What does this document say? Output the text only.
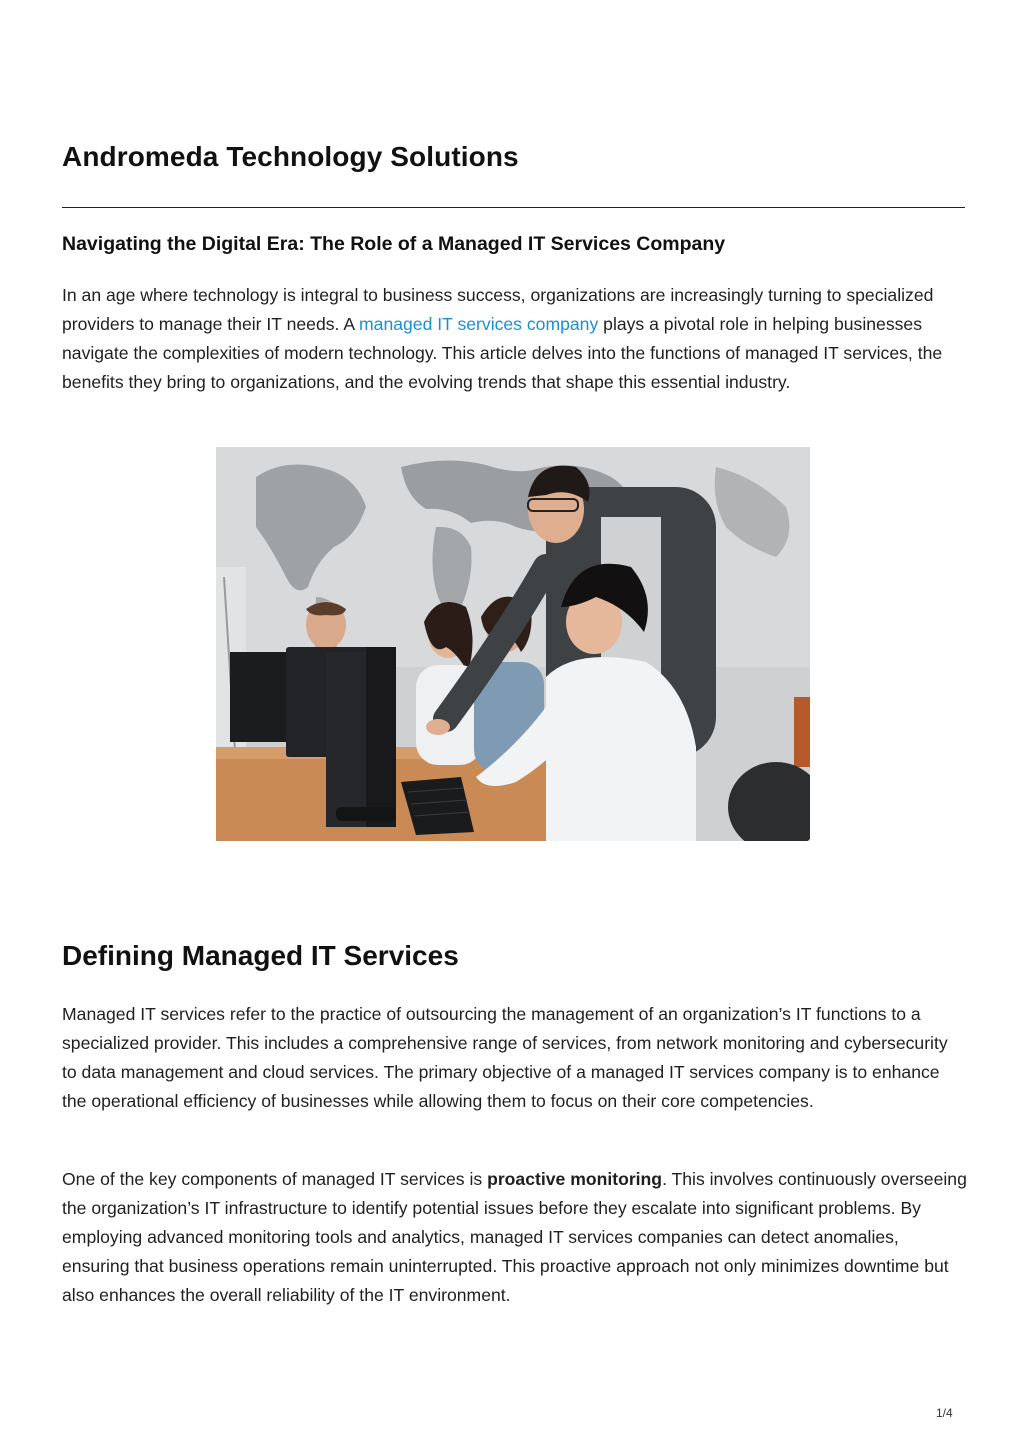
Andromeda Technology Solutions
Navigating the Digital Era: The Role of a Managed IT Services Company

In an age where technology is integral to business success, organizations are increasingly turning to specialized providers to manage their IT needs. A managed IT services company plays a pivotal role in helping businesses navigate the complexities of modern technology. This article delves into the functions of managed IT services, the benefits they bring to organizations, and the evolving trends that shape this essential industry.

Defining Managed IT Services

Managed IT services refer to the practice of outsourcing the management of an organization’s IT functions to a specialized provider. This includes a comprehensive range of services, from network monitoring and cybersecurity to data management and cloud services. The primary objective of a managed IT services company is to enhance the operational efficiency of businesses while allowing them to focus on their core competencies.

One of the key components of managed IT services is proactive monitoring. This involves continuously overseeing the organization’s IT infrastructure to identify potential issues before they escalate into significant problems. By employing advanced monitoring tools and analytics, managed IT services companies can detect anomalies, ensuring that business operations remain uninterrupted. This proactive approach not only minimizes downtime but also enhances the overall reliability of the IT environment.

1/4
